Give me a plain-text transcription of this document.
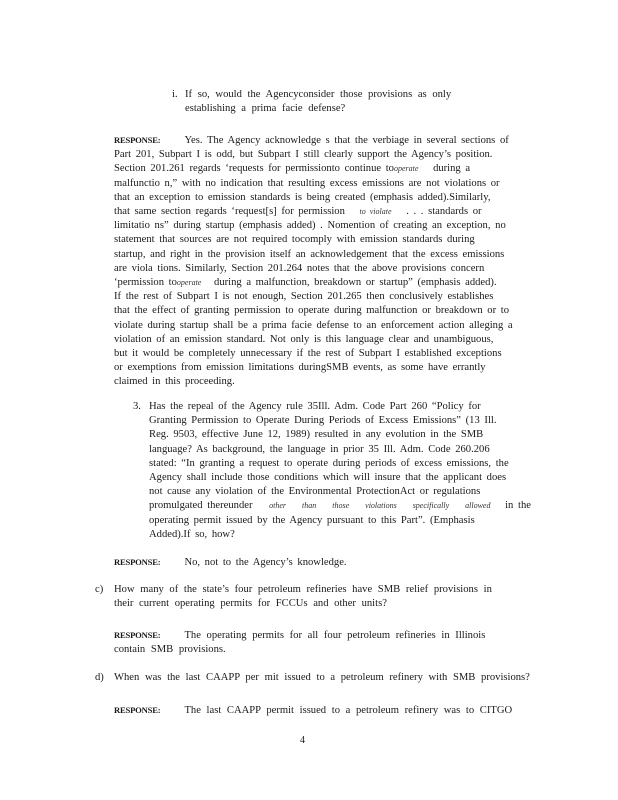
i. If so, would the Agencyconsider those provisions as only establishing a prima facie defense?
RESPONSE: Yes. The Agency acknowledge s that the verbiage in several sections of
Part 201, Subpart I is odd, but Subpart I still clearly support the Agency’s position.
Section 201.261 regards ‘requests for permissionto continue tooperate during a
malfunctio n,” with no indication that resulting excess emissions are not violations or
that an exception to emission standards is being created (emphasis added).Similarly,
that same section regards ‘request[s] for permission to violate . . . standards or
limitatio ns” during startup (emphasis added) . Nomention of creating an exception, no
statement that sources are not required tocomply with emission standards during
startup, and right in the provision itself an acknowledgement that the excess emissions
are viola tions. Similarly, Section 201.264 notes that the above provisions concern
‘permission tooperate during a malfunction, breakdown or startup” (emphasis added).
If the rest of Subpart I is not enough, Section 201.265 then conclusively establishes
that the effect of granting permission to operate during malfunction or breakdown or to
violate during startup shall be a prima facie defense to an enforcement action alleging a
violation of an emission standard. Not only is this language clear and unambiguous,
but it would be completely unnecessary if the rest of Subpart I established exceptions
or exemptions from emission limitations duringSMB events, as some have errantly
claimed in this proceeding.
3. Has the repeal of the Agency rule 35Ill. Adm. Code Part 260 “Policy for
Granting Permission to Operate During Periods of Excess Emissions” (13 Ill.
Reg. 9503, effective June 12, 1989) resulted in any evolution in the SMB
language? As background, the language in prior 35 Ill. Adm. Code 260.206
stated: “In granting a request to operate during periods of excess emissions, the
Agency shall include those conditions which will insure that the applicant does
not cause any violation of the Environmental ProtectionAct or regulations
promulgated thereunder other than those violations specifically allowed in the
operating permit issued by the Agency pursuant to this Part”. (Emphasis
Added).If so, how?
RESPONSE: No, not to the Agency’s knowledge.
c) How many of the state’s four petroleum refineries have SMB relief provisions in
their current operating permits for FCCUs and other units?
RESPONSE: The operating permits for all four petroleum refineries in Illinois
contain SMB provisions.
d) When was the last CAAPP per mit issued to a petroleum refinery with SMB provisions?
RESPONSE: The last CAAPP permit issued to a petroleum refinery was to CITGO
4
